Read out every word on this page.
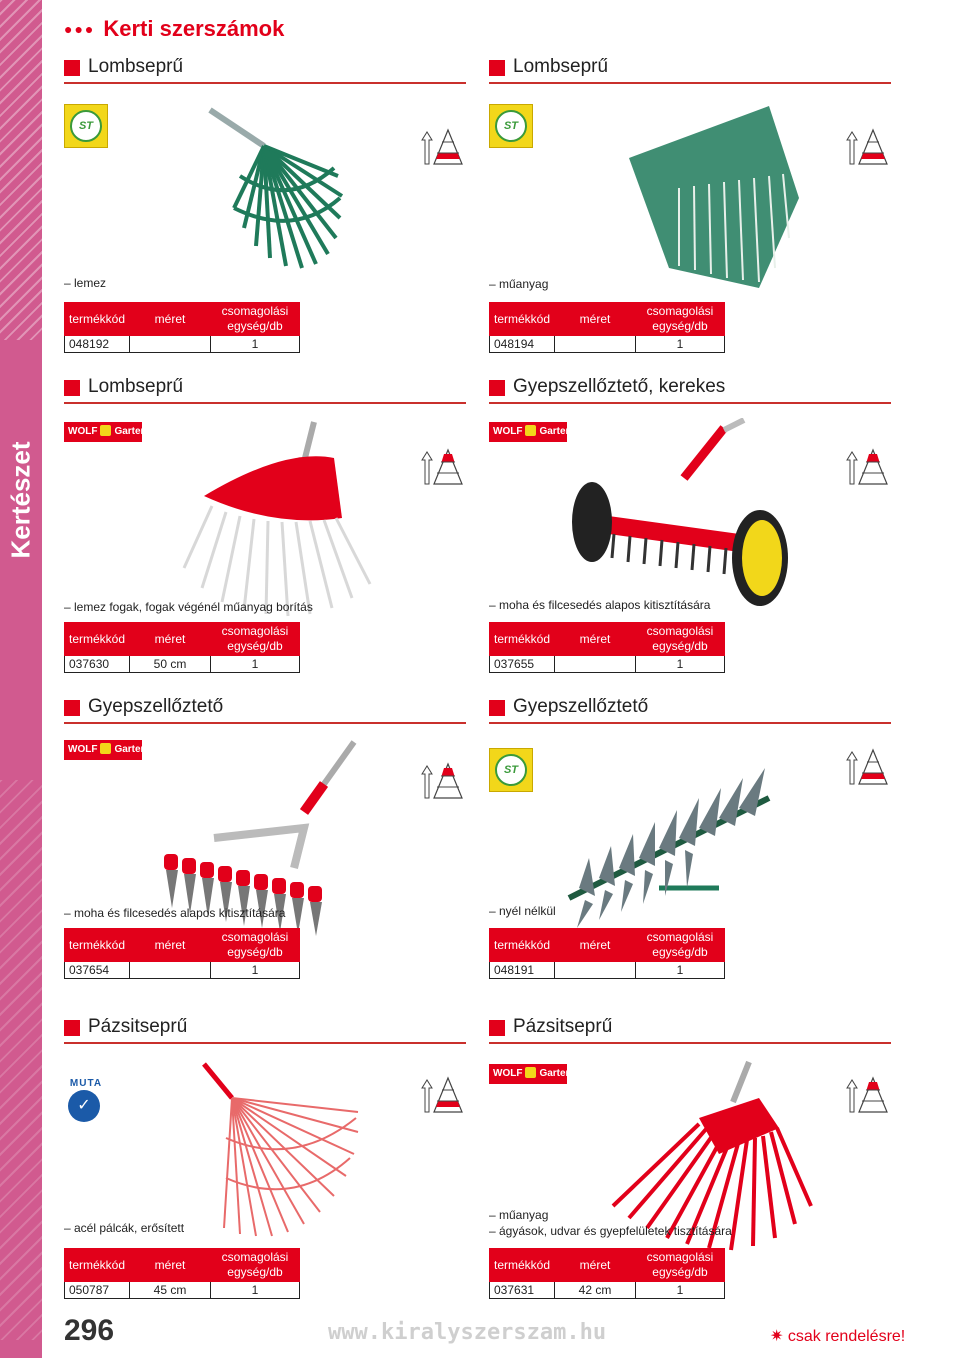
Kertészet
●●● Kerti szerszámok
Lombseprű
ST
– lemez
termékkód	méret	csomagolási
egység/db
048192		1
Lombseprű
ST
– műanyag
termékkód	méret	csomagolási
egység/db
048194		1
Lombseprű
WOLF Garten
– lemez fogak, fogak végénél műanyag borítás
termékkód	méret	csomagolási
egység/db
037630	50 cm	1
Gyepszellőztető, kerekes
WOLF Garten
– moha és filcesedés alapos kitisztítására
termékkód	méret	csomagolási
egység/db
037655		1
Gyepszellőztető
WOLF Garten
– moha és filcesedés alapos kitisztítására
termékkód	méret	csomagolási
egység/db
037654		1
Gyepszellőztető
ST
– nyél nélkül
termékkód	méret	csomagolási
egység/db
048191		1
Pázsitseprű
MUTA
✓
– acél pálcák, erősített
termékkód	méret	csomagolási
egység/db
050787	45 cm	1
Pázsitseprű
WOLF Garten
– műanyag
– ágyások, udvar és gyepfelületek tisztítására
termékkód	méret	csomagolási
egység/db
037631	42 cm	1
296	www.kiralyszerszam.hu	✷ csak rendelésre!
